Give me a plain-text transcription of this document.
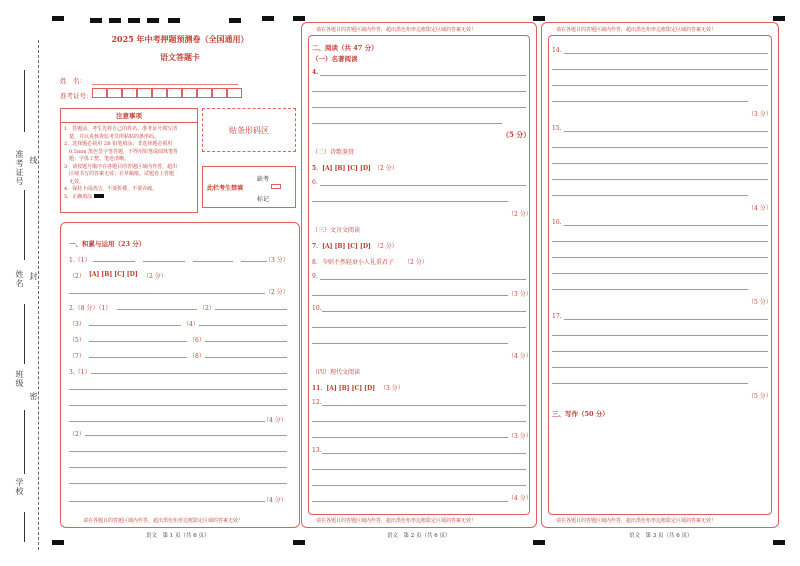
准考证号 线
姓名 封
班级
密
学校
2025 年中考押题预测卷（全国通用）
语文答题卡
姓　名：
准考证号：
注意事项
1．答题前，考生先将自己的姓名、准考证号填写清
　楚，并认真核查监考员所粘贴的条形码。
2．选择题必须用 2B 铅笔填涂；非选择题必须用
　0.5mm 黑色签字笔答题，不得用铅笔或圆珠笔答
　题；字体工整、笔迹清晰。
3．请按题号顺序在各题目的答题区域内作答，超出
　区域书写的答案无效；在草稿纸、试题卷上答题
　无效。
4．保持卡面清洁，不要折叠、不要弄破。
5．正确填涂
贴条形码区
此栏考生禁填
缺考
标记
一、积累与运用（23 分）
1.（1）	（3 分）
（2） [A] [B] [C] [D] （2 分）
（2 分）
2.（8 分）（1）	（2）
（3）	（4）
（5）	（6）
（7）	（8）
3.（1）
（4 分）
（2）
（4 分）
请在各题目的答题区域内作答，超出黑色矩形边框限定区域的答案无效！
语文　第 1 页（共 6 页）
请在各题目的答题区域内作答，超出黑色矩形边框限定区域的答案无效！
二、阅读（共 47 分）
（一）名著阅读
4.
（5 分）
（二）诗歌鉴赏
5．[A] [B] [C] [D] （2 分）
6.
（2 分）
（三）文言文阅读
7．[A] [B] [C] [D] （2 分）
8．今则不然轻衰小人礼重君子 （2 分）
9.
（3 分）
10.
（4 分）
（四）现代文阅读
11．[A] [B] [C] [D] （3 分）
12.
（3 分）
13.
（4 分）
请在各题目的答题区域内作答，超出黑色矩形边框限定区域的答案无效！
语文　第 2 页（共 6 页）
请在各题目的答题区域内作答，超出黑色矩形边框限定区域的答案无效！
14.
（3 分）
15.
（4 分）
16.
（5 分）
17.
（5 分）
三、写作（50 分）
请在各题目的答题区域内作答，超出黑色矩形边框限定区域的答案无效！
语文　第 3 页（共 6 页）
